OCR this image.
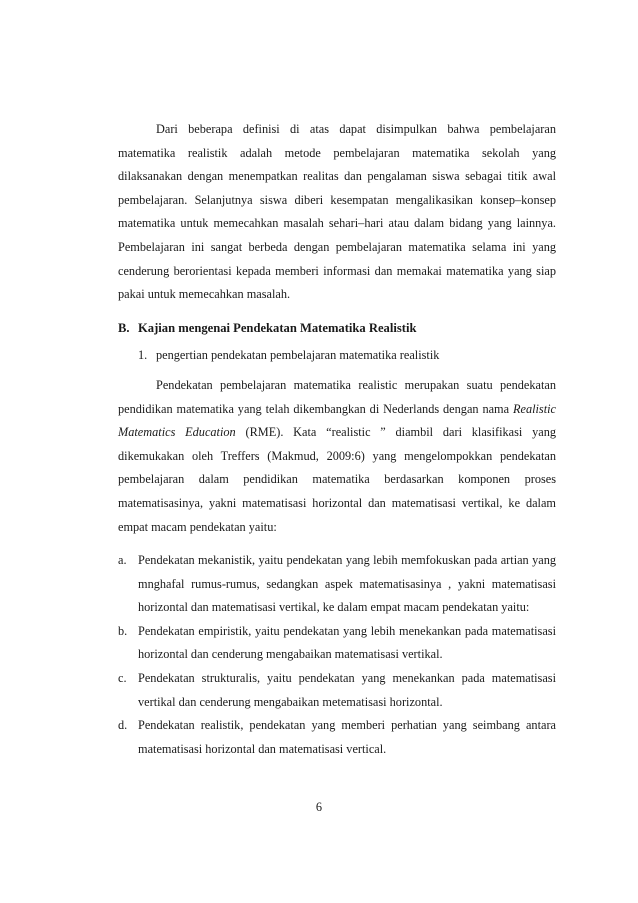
Dari beberapa definisi di atas dapat disimpulkan bahwa pembelajaran matematika realistik adalah metode pembelajaran matematika sekolah yang dilaksanakan dengan menempatkan realitas dan pengalaman siswa sebagai titik awal pembelajaran. Selanjutnya siswa diberi kesempatan mengalikasikan konsep–konsep matematika untuk memecahkan masalah sehari–hari atau dalam bidang yang lainnya. Pembelajaran ini sangat berbeda dengan pembelajaran matematika selama ini yang cenderung berorientasi kepada memberi informasi dan memakai matematika yang siap pakai untuk memecahkan masalah.

B. Kajian mengenai Pendekatan Matematika Realistik
1. pengertian pendekatan pembelajaran matematika realistik

Pendekatan pembelajaran matematika realistic merupakan suatu pendekatan pendidikan matematika yang telah dikembangkan di Nederlands dengan nama Realistic Matematics Education (RME). Kata “realistic ” diambil dari klasifikasi yang dikemukakan oleh Treffers (Makmud, 2009:6) yang mengelompokkan pendekatan pembelajaran dalam pendidikan matematika berdasarkan komponen proses matematisasinya, yakni matematisasi horizontal dan matematisasi vertikal, ke dalam empat macam pendekatan yaitu:

a. Pendekatan mekanistik, yaitu pendekatan yang lebih memfokuskan pada artian yang mnghafal rumus-rumus, sedangkan aspek matematisasinya , yakni matematisasi horizontal dan matematisasi vertikal, ke dalam empat macam pendekatan yaitu:
b. Pendekatan empiristik, yaitu pendekatan yang lebih menekankan pada matematisasi horizontal dan cenderung mengabaikan matematisasi vertikal.
c. Pendekatan strukturalis, yaitu pendekatan yang menekankan pada matematisasi vertikal dan cenderung mengabaikan metematisasi horizontal.
d. Pendekatan realistik, pendekatan yang memberi perhatian yang seimbang antara matematisasi horizontal dan matematisasi vertical.
6
